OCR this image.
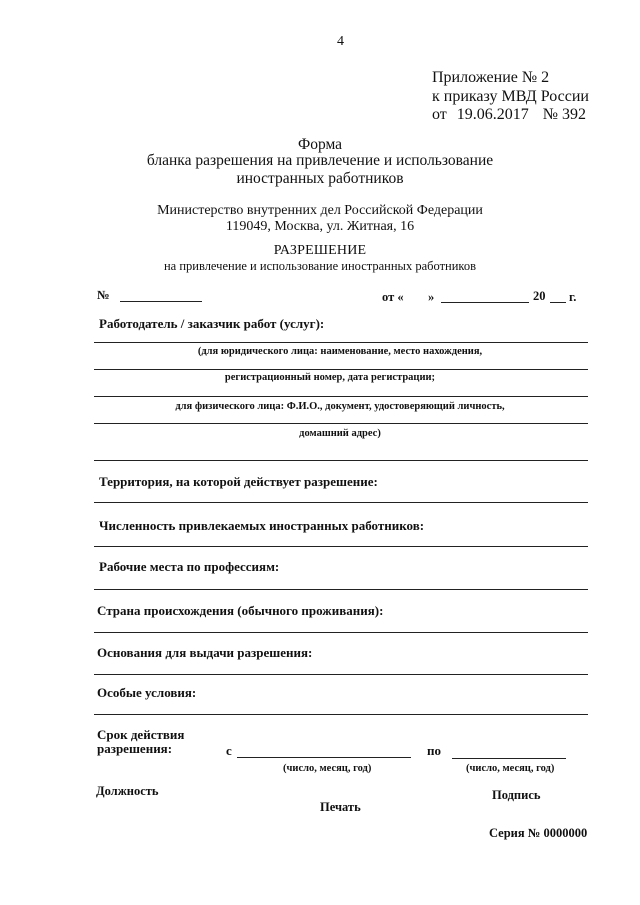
4
Приложение № 2
к приказу МВД России
от 19.06.2017 № 392
Форма
бланка разрешения на привлечение и использование
иностранных работников
Министерство внутренних дел Российской Федерации
119049, Москва, ул. Житная, 16
РАЗРЕШЕНИЕ
на привлечение и использование иностранных работников
№	от « »	20 г.
Работодатель / заказчик работ (услуг):
(для юридического лица: наименование, место нахождения,
регистрационный номер, дата регистрации;
для физического лица: Ф.И.О., документ, удостоверяющий личность,
домашний адрес)
Территория, на которой действует разрешение:
Численность привлекаемых иностранных работников:
Рабочие места по профессиям:
Страна происхождения (обычного проживания):
Основания для выдачи разрешения:
Особые условия:
Срок действия
разрешения:	с	по
(число, месяц, год)	(число, месяц, год)
Должность	Подпись
Печать
Серия № 0000000
